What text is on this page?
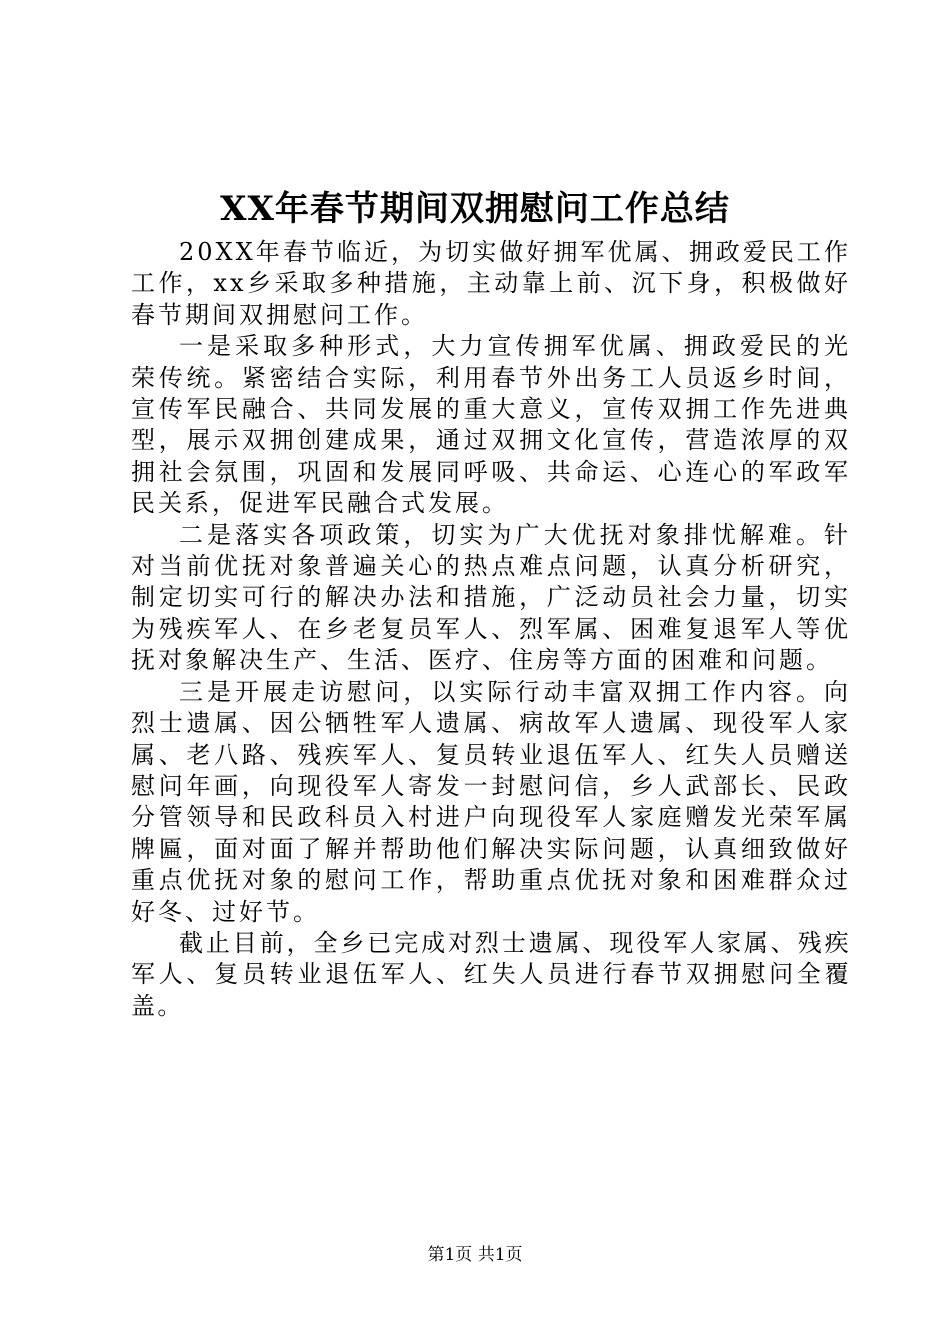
XX年春节期间双拥慰问工作总结

20XX年春节临近，为切实做好拥军优属、拥政爱民工作工作，xx乡采取多种措施，主动靠上前、沉下身，积极做好春节期间双拥慰问工作。

一是采取多种形式，大力宣传拥军优属、拥政爱民的光荣传统。紧密结合实际，利用春节外出务工人员返乡时间，宣传军民融合、共同发展的重大意义，宣传双拥工作先进典型，展示双拥创建成果，通过双拥文化宣传，营造浓厚的双拥社会氛围，巩固和发展同呼吸、共命运、心连心的军政军民关系，促进军民融合式发展。

二是落实各项政策，切实为广大优抚对象排忧解难。针对当前优抚对象普遍关心的热点难点问题，认真分析研究，制定切实可行的解决办法和措施，广泛动员社会力量，切实为残疾军人、在乡老复员军人、烈军属、困难复退军人等优抚对象解决生产、生活、医疗、住房等方面的困难和问题。

三是开展走访慰问，以实际行动丰富双拥工作内容。向烈士遗属、因公牺牲军人遗属、病故军人遗属、现役军人家属、老八路、残疾军人、复员转业退伍军人、红失人员赠送慰问年画，向现役军人寄发一封慰问信，乡人武部长、民政分管领导和民政科员入村进户向现役军人家庭赠发光荣军属牌匾，面对面了解并帮助他们解决实际问题，认真细致做好重点优抚对象的慰问工作，帮助重点优抚对象和困难群众过好冬、过好节。

截止目前，全乡已完成对烈士遗属、现役军人家属、残疾军人、复员转业退伍军人、红失人员进行春节双拥慰问全覆盖。

第1页 共1页
